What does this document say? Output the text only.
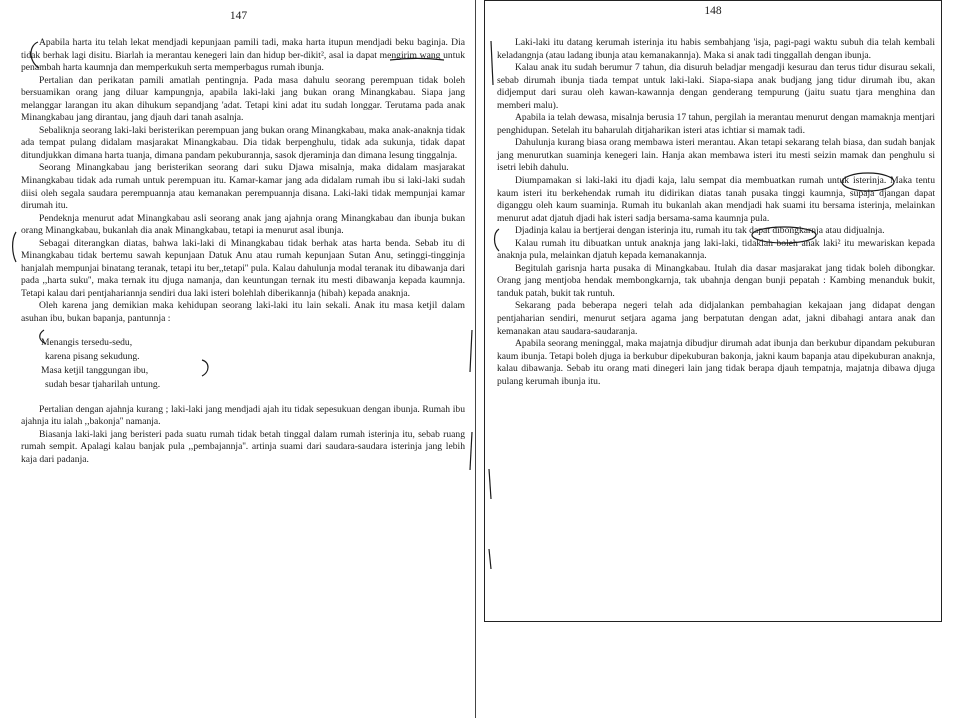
147

Apabila harta itu telah lekat mendjadi kepunjaan pamili tadi, maka harta itupun mendjadi beku baginja. Dia tidak berhak lagi disitu. Biarlah ia merantau kenegeri lain dan hidup ber-dikit², asal ia dapat mengirim wang untuk penambah harta kaumnja dan memperkukuh serta memperbagus rumah ibunja.

Pertalian dan perikatan pamili amatlah pentingnja. Pada masa dahulu seorang perempuan tidak boleh bersuamikan orang jang diluar kampungnja, apabila laki-laki jang bukan orang Minangkabau. Siapa jang melanggar larangan itu akan dihukum sepandjang 'adat. Tetapi kini adat itu sudah longgar. Terutama pada anak Minangkabau jang dirantau, jang djauh dari tanah asalnja.

Sebaliknja seorang laki-laki beristerikan perempuan jang bukan orang Minangkabau, maka anak-anaknja tidak ada tempat pulang didalam masjarakat Minangkabau. Dia tidak berpenghulu, tidak ada sukunja, tidak dapat ditundjukkan dimana harta tuanja, dimana pandam pekuburannja, sasok djeraminja dan dimana lesung tinggalnja.

Seorang Minangkabau jang beristerikan seorang dari suku Djawa misalnja, maka didalam masjarakat Minangkabau tidak ada rumah untuk perempuan itu. Kamar-kamar jang ada didalam rumah ibu si laki-laki sudah diisi oleh segala saudara perempuannja atau kemanakan perempuannja disana. Laki-laki tidak mempunjai kamar dirumah itu.

Pendeknja menurut adat Minangkabau asli seorang anak jang ajahnja orang Minangkabau dan ibunja bukan orang Minangkabau, bukanlah dia anak Minangkabau, tetapi ia menurut asal ibunja.

Sebagai diterangkan diatas, bahwa laki-laki di Minangkabau tidak berhak atas harta benda. Sebab itu di Minangkabau tidak bertemu sawah kepunjaan Datuk Anu atau rumah kepunjaan Sutan Anu, setinggi-tingginja hanjalah mempunjai binatang teranak, tetapi itu ber,,tetapi'' pula. Kalau dahulunja modal teranak itu dibawanja dari pada ,,harta suku'', maka ternak itu djuga namanja, dan keuntungan ternak itu mesti dibawanja kepada kaumnja. Tetapi kalau dari pentjahariannja sendiri dua laki isteri bolehlah diberikannja (hibah) kepada anaknja.

Oleh karena jang demikian maka kehidupan seorang laki-laki itu lain sekali. Anak itu masa ketjil dalam asuhan ibu, bukan bapanja, pantunnja :

Menangis tersedu-sedu,
karena pisang sekudung.
Masa ketjil tanggungan ibu,
sudah besar tjaharilah untung.

Pertalian dengan ajahnja kurang ; laki-laki jang mendjadi ajah itu tidak sepesukuan dengan ibunja. Rumah ibu ajahnja itu ialah ,,bakonja'' namanja.

Biasanja laki-laki jang beristeri pada suatu rumah tidak betah tinggal dalam rumah isterinja itu, sebab ruang rumah sempit. Apalagi kalau banjak pula ,,pembajannja''. artinja suami dari saudara-saudara isterinja jang lebih kaja dari padanja.

148

Laki-laki itu datang kerumah isterinja itu habis sembahjang 'isja, pagi-pagi waktu subuh dia telah kembali keladangnja (atau ladang ibunja atau kemanakannja). Maka si anak tadi tinggallah dengan ibunja.

Kalau anak itu sudah berumur 7 tahun, dia disuruh beladjar mengadji kesurau dan terus tidur disurau sekali, sebab dirumah ibunja tiada tempat untuk laki-laki. Siapa-siapa anak budjang jang tidur dirumah ibu, akan didjemput dari surau oleh kawan-kawannja dengan genderang tempurung (jaitu suatu tjara menghina dan memberi malu).

Apabila ia telah dewasa, misalnja berusia 17 tahun, pergilah ia merantau menurut dengan mamaknja mentjari penghidupan. Setelah itu baharulah ditjaharikan isteri atas ichtiar si mamak tadi.

Dahulunja kurang biasa orang membawa isteri merantau. Akan tetapi sekarang telah biasa, dan sudah banjak jang menurutkan suaminja kenegeri lain. Hanja akan membawa isteri itu mesti seizin mamak dan penghulu si isetri lebih dahulu.

Diumpamakan si laki-laki itu djadi kaja, lalu sempat dia membuatkan rumah untuk isterinja. Maka tentu kaum isteri itu berkehendak rumah itu didirikan diatas tanah pusaka tinggi kaumnja, supaja djangan dapat diganggu oleh kaum suaminja. Rumah itu bukanlah akan mendjadi hak suami itu bersama isterinja, melainkan menurut adat djatuh djadi hak isteri sadja bersama-sama kaumnja pula.

Djadinja kalau ia bertjerai dengan isterinja itu, rumah itu tak dapat dibongkarnja atau didjualnja.

Kalau rumah itu dibuatkan untuk anaknja jang laki-laki, tidaklah boleh anak laki² itu mewariskan kepada anaknja pula, melainkan djatuh kepada kemanakannja.

Begitulah garisnja harta pusaka di Minangkabau. Itulah dia dasar masjarakat jang tidak boleh dibongkar. Orang jang mentjoba hendak membongkarnja, tak ubahnja dengan bunji pepatah : Kambing menanduk bukit, tanduk patah, bukit tak runtuh.

Sekarang pada beberapa negeri telah ada didjalankan pembahagian kekajaan jang didapat dengan pentjaharian sendiri, menurut setjara agama jang berpatutan dengan adat, jakni dibahagi antara anak dan kemanakan atau saudara-saudaranja.

Apabila seorang meninggal, maka majatnja dibudjur dirumah adat ibunja dan berkubur dipandam pekuburan kaum ibunja. Tetapi boleh djuga ia berkubur dipekuburan bakonja, jakni kaum bapanja atau dipekuburan anaknja, kalau dibawanja. Sebab itu orang mati dinegeri lain jang tidak berapa djauh tempatnja, majatnja dibawa djuga pulang kerumah ibunja itu.
